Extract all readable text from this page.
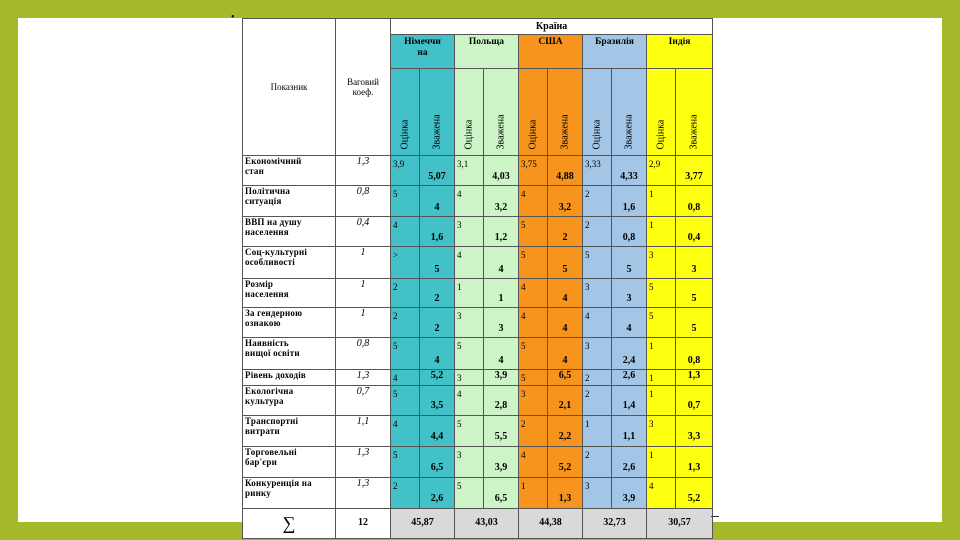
•
Показник	Ваговий коеф.	Країна									
		Німеччи
на		Польща		США		Бразилія		Індія	

		Оцінка	Зважена	Оцінка	Зважена	Оцінка	Зважена	Оцінка	Зважена	Оцінка	Зважена

Економічний
стан	1,3	3,9	5,07	3,1	4,03	3,75	4,88	3,33	4,33	2,9	3,77
Політична
ситуація	0,8	5	4	4	3,2	4	3,2	2	1,6	1	0,8
ВВП на душу
населення	0,4	4	1,6	3	1,2	5	2	2	0,8	1	0,4
Соц-культурні
особливості	1	>	5	4	4	5	5	5	5	3	3
Розмір
населення	1	2	2	1	1	4	4	3	3	5	5
За гендерною
ознакою	1	2	2	3	3	4	4	4	4	5	5
Наявність
вищої освіти	0,8	5	4	5	4	5	4	3	2,4	1	0,8
Рівень доходів	1,3	4	5,2	3	3,9	5	6,5	2	2,6	1	1,3
Екологічна
культура	0,7	5	3,5	4	2,8	3	2,1	2	1,4	1	0,7
Транспортні
витрати	1,1	4	4,4	5	5,5	2	2,2	1	1,1	3	3,3
Торговельні
бар'єри	1,3	5	6,5	3	3,9	4	5,2	2	2,6	1	1,3
Конкуренція на
ринку	1,3	2	2,6	5	6,5	1	1,3	3	3,9	4	5,2
∑	12	45,87		43,03		44,38		32,73		30,57	
